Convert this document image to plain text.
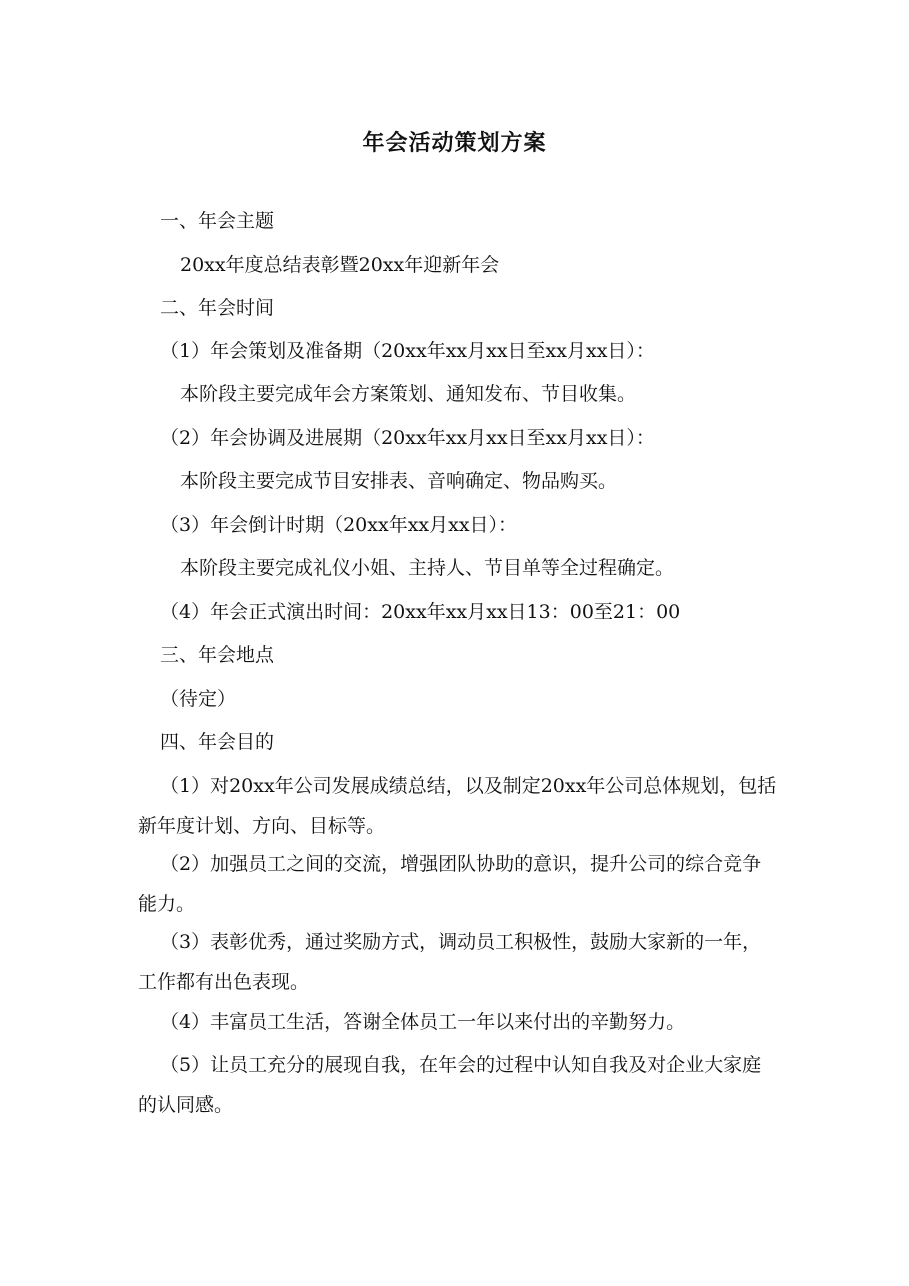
年会活动策划方案
一、年会主题
20xx年度总结表彰暨20xx年迎新年会
二、年会时间
（1）年会策划及准备期（20xx年xx月xx日至xx月xx日）：
本阶段主要完成年会方案策划、通知发布、节目收集。
（2）年会协调及进展期（20xx年xx月xx日至xx月xx日）：
本阶段主要完成节目安排表、音响确定、物品购买。
（3）年会倒计时期（20xx年xx月xx日）：
本阶段主要完成礼仪小姐、主持人、节目单等全过程确定。
（4）年会正式演出时间：20xx年xx月xx日13：00至21：00
三、年会地点
（待定）
四、年会目的
（1）对20xx年公司发展成绩总结，以及制定20xx年公司总体规划，包括新年度计划、方向、目标等。
（2）加强员工之间的交流，增强团队协助的意识，提升公司的综合竞争能力。
（3）表彰优秀，通过奖励方式，调动员工积极性，鼓励大家新的一年，工作都有出色表现。
（4）丰富员工生活，答谢全体员工一年以来付出的辛勤努力。
（5）让员工充分的展现自我，在年会的过程中认知自我及对企业大家庭的认同感。
